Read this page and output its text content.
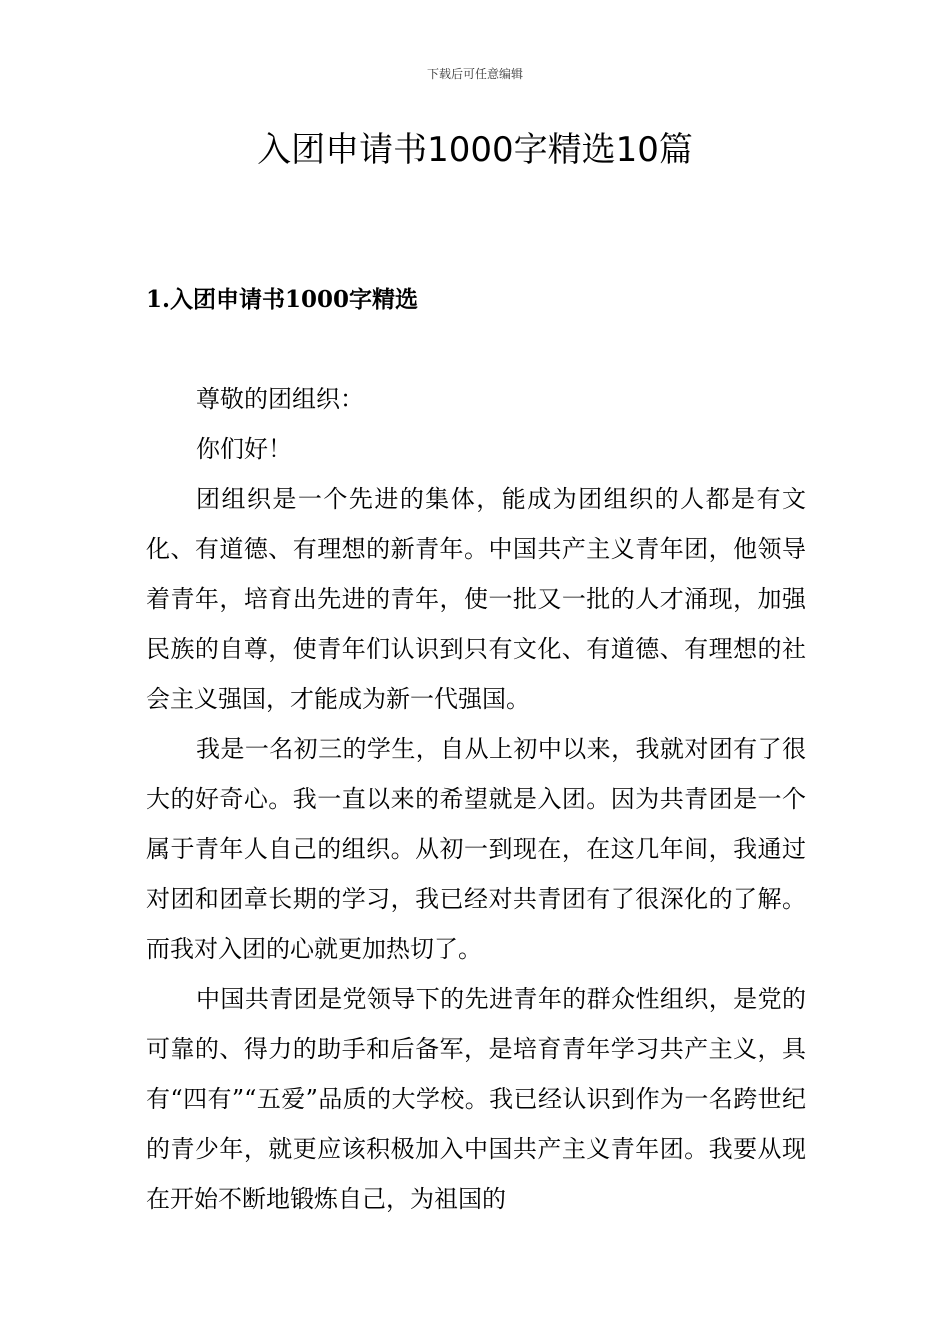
下载后可任意编辑
入团申请书1000字精选10篇
1.入团申请书1000字精选

尊敬的团组织：

你们好！

团组织是一个先进的集体，能成为团组织的人都是有文化、有道德、有理想的新青年。中国共产主义青年团，他领导着青年，培育出先进的青年，使一批又一批的人才涌现，加强民族的自尊，使青年们认识到只有文化、有道德、有理想的社会主义强国，才能成为新一代强国。

我是一名初三的学生，自从上初中以来，我就对团有了很大的好奇心。我一直以来的希望就是入团。因为共青团是一个属于青年人自己的组织。从初一到现在，在这几年间，我通过对团和团章长期的学习，我已经对共青团有了很深化的了解。而我对入团的心就更加热切了。

中国共青团是党领导下的先进青年的群众性组织，是党的可靠的、得力的助手和后备军，是培育青年学习共产主义，具有“四有”“五爱”品质的大学校。我已经认识到作为一名跨世纪的青少年，就更应该积极加入中国共产主义青年团。我要从现在开始不断地锻炼自己，为祖国的
